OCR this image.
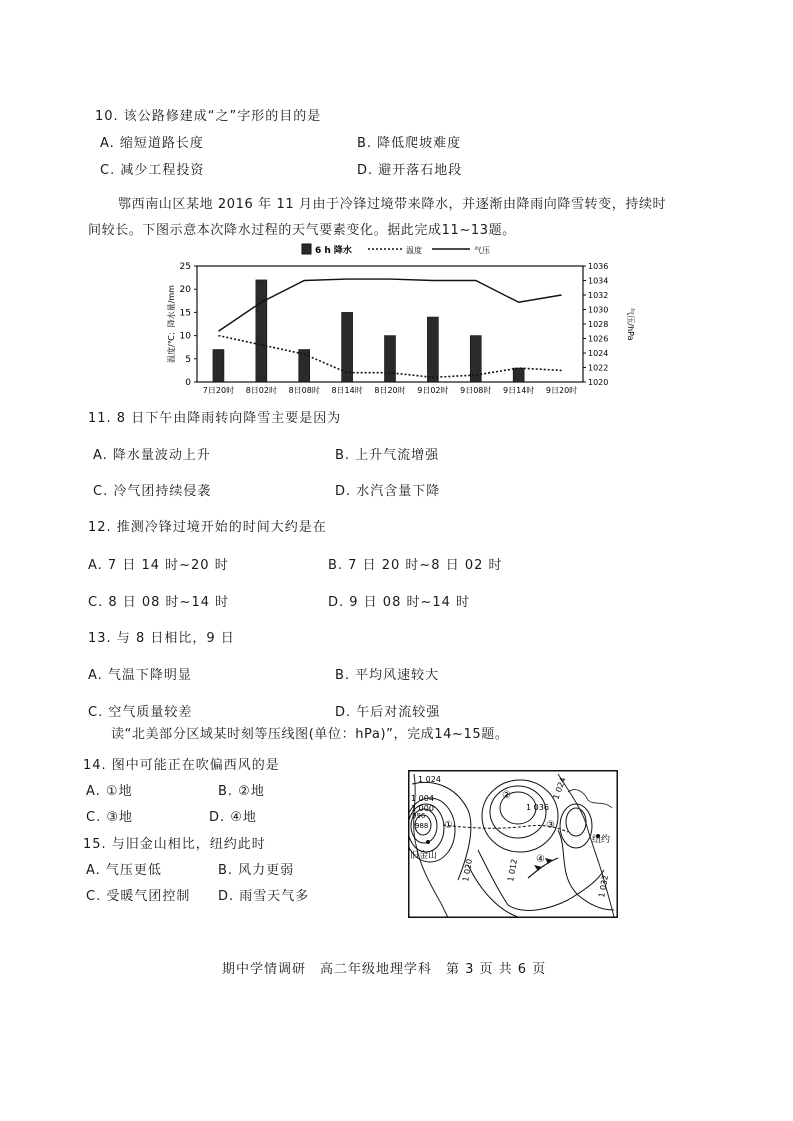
10. 该公路修建成“之”字形的目的是
A. 缩短道路长度	B. 降低爬坡难度
C. 减少工程投资	D. 避开落石地段
鄂西南山区某地 2016 年 11 月由于冷锋过境带来降水，并逐渐由降雨向降雪转变，持续时
间较长。下图示意本次降水过程的天气要素变化。据此完成11~13题。
0
5
10
15
20
25
1020
1022
1024
1026
1028
1030
1032
1034
1036
7日20时 8日02时 8日08时 8日14时 8日20时 9日02时 9日08时 9日14时 9日20时
温度/℃；降水量/mm	气压/hPa
6 h 降水	温度	气压
11. 8 日下午由降雨转向降雪主要是因为
A. 降水量波动上升	B. 上升气流增强
C. 冷气团持续侵袭	D. 水汽含量下降
12. 推测冷锋过境开始的时间大约是在
A. 7 日 14 时~20 时	B. 7 日 20 时~8 日 02 时
C. 8 日 08 时~14 时	D. 9 日 08 时~14 时
13. 与 8 日相比，9 日
A. 气温下降明显	B. 平均风速较大
C. 空气质量较差	D. 午后对流较强
读“北美部分区域某时刻等压线图(单位：hPa)”，完成14~15题。
14. 图中可能正在吹偏西风的是
A. ①地	B. ②地
C. ③地	D. ④地
15. 与旧金山相比，纽约此时
A. 气压更低	B. 风力更弱
C. 受暖气团控制 D. 雨雪天气多
1 024
1 004
1 000
996
988
1 036
1 020	1 012
1 024
1 032
旧金山
纽约
①
②
③
④
期中学情调研　高二年级地理学科　第 3 页 共 6 页
